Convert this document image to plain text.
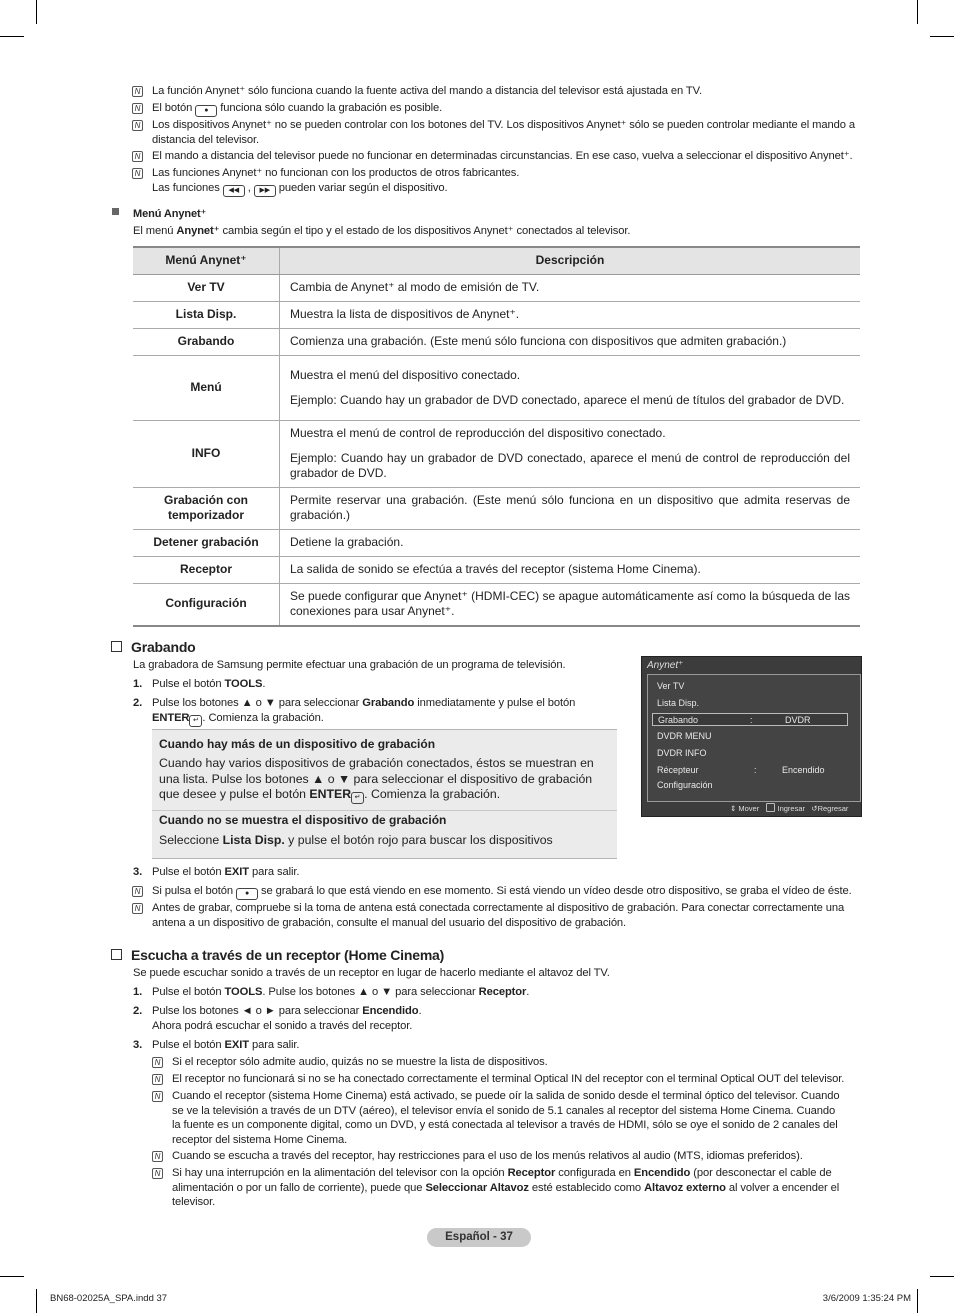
N La función Anynet⁺ sólo funciona cuando la fuente activa del mando a distancia del televisor está ajustada en TV.
N El botón ● funciona sólo cuando la grabación es posible.
N Los dispositivos Anynet⁺ no se pueden controlar con los botones del TV. Los dispositivos Anynet⁺ sólo se pueden controlar mediante el mando a distancia del televisor.
N El mando a distancia del televisor puede no funcionar en determinadas circunstancias. En ese caso, vuelva a seleccionar el dispositivo Anynet⁺.
N Las funciones Anynet⁺ no funcionan con los productos de otros fabricantes.
Las funciones ◀◀ , ▶▶ pueden variar según el dispositivo.
Menú Anynet⁺
El menú Anynet⁺ cambia según el tipo y el estado de los dispositivos Anynet⁺ conectados al televisor.
Menú Anynet⁺	Descripción
Ver TV	Cambia de Anynet⁺ al modo de emisión de TV.

Lista Disp.	Muestra la lista de dispositivos de Anynet⁺.

Grabando	Comienza una grabación. (Este menú sólo funciona con dispositivos que admiten grabación.)

Menú	Muestra el menú del dispositivo conectado.

Ejemplo: Cuando hay un grabador de DVD conectado, aparece el menú de títulos del grabador de DVD.

INFO	Muestra el menú de control de reproducción del dispositivo conectado.

Ejemplo: Cuando hay un grabador de DVD conectado, aparece el menú de control de reproducción del grabador de DVD.

Grabación con temporizador	Permite reservar una grabación. (Este menú sólo funciona en un dispositivo que admita reservas de grabación.)

Detener grabación	Detiene la grabación.

Receptor	La salida de sonido se efectúa a través del receptor (sistema Home Cinema).

Configuración	Se puede configurar que Anynet⁺ (HDMI-CEC) se apague automáticamente así como la búsqueda de las conexiones para usar Anynet⁺.

Grabando
La grabadora de Samsung permite efectuar una grabación de un programa de televisión.
1. Pulse el botón TOOLS.
2. Pulse los botones ▲ o ▼ para seleccionar Grabando inmediatamente y pulse el botón
ENTER ↵ . Comienza la grabación.
Cuando hay más de un dispositivo de grabación
Cuando hay varios dispositivos de grabación conectados, éstos se muestran en una lista. Pulse los botones ▲ o ▼ para seleccionar el dispositivo de grabación que desee y pulse el botón ENTER ↵ . Comienza la grabación.
Cuando no se muestra el dispositivo de grabación
Seleccione Lista Disp. y pulse el botón rojo para buscar los dispositivos
Anynet⁺
Ver TV
Lista Disp.
Grabando	:	DVDR
DVDR MENU
DVDR INFO
Récepteur	:	Encendido
Configuración
⇕ Mover Ingresar ↺Regresar
3. Pulse el botón EXIT para salir.
N Si pulsa el botón ● se grabará lo que está viendo en ese momento. Si está viendo un vídeo desde otro dispositivo, se graba el vídeo de éste.
N Antes de grabar, compruebe si la toma de antena está conectada correctamente al dispositivo de grabación. Para conectar correctamente una antena a un dispositivo de grabación, consulte el manual del usuario del dispositivo de grabación.
Escucha a través de un receptor (Home Cinema)
Se puede escuchar sonido a través de un receptor en lugar de hacerlo mediante el altavoz del TV.
1. Pulse el botón TOOLS. Pulse los botones ▲ o ▼ para seleccionar Receptor.
2. Pulse los botones ◄ o ► para seleccionar Encendido.
Ahora podrá escuchar el sonido a través del receptor.
3. Pulse el botón EXIT para salir.
N Si el receptor sólo admite audio, quizás no se muestre la lista de dispositivos.
N El receptor no funcionará si no se ha conectado correctamente el terminal Optical IN del receptor con el terminal Optical OUT del televisor.
N Cuando el receptor (sistema Home Cinema) está activado, se puede oír la salida de sonido desde el terminal óptico del televisor. Cuando se ve la televisión a través de un DTV (aéreo), el televisor envía el sonido de 5.1 canales al receptor del sistema Home Cinema. Cuando la fuente es un componente digital, como un DVD, y está conectada al televisor a través de HDMI, sólo se oye el sonido de 2 canales del receptor del sistema Home Cinema.
N Cuando se escucha a través del receptor, hay restricciones para el uso de los menús relativos al audio (MTS, idiomas preferidos).
N Si hay una interrupción en la alimentación del televisor con la opción Receptor configurada en Encendido (por desconectar el cable de alimentación o por un fallo de corriente), puede que Seleccionar Altavoz esté establecido como Altavoz externo al volver a encender el televisor.
Español - 37
BN68-02025A_SPA.indd 37	3/6/2009 1:35:24 PM
